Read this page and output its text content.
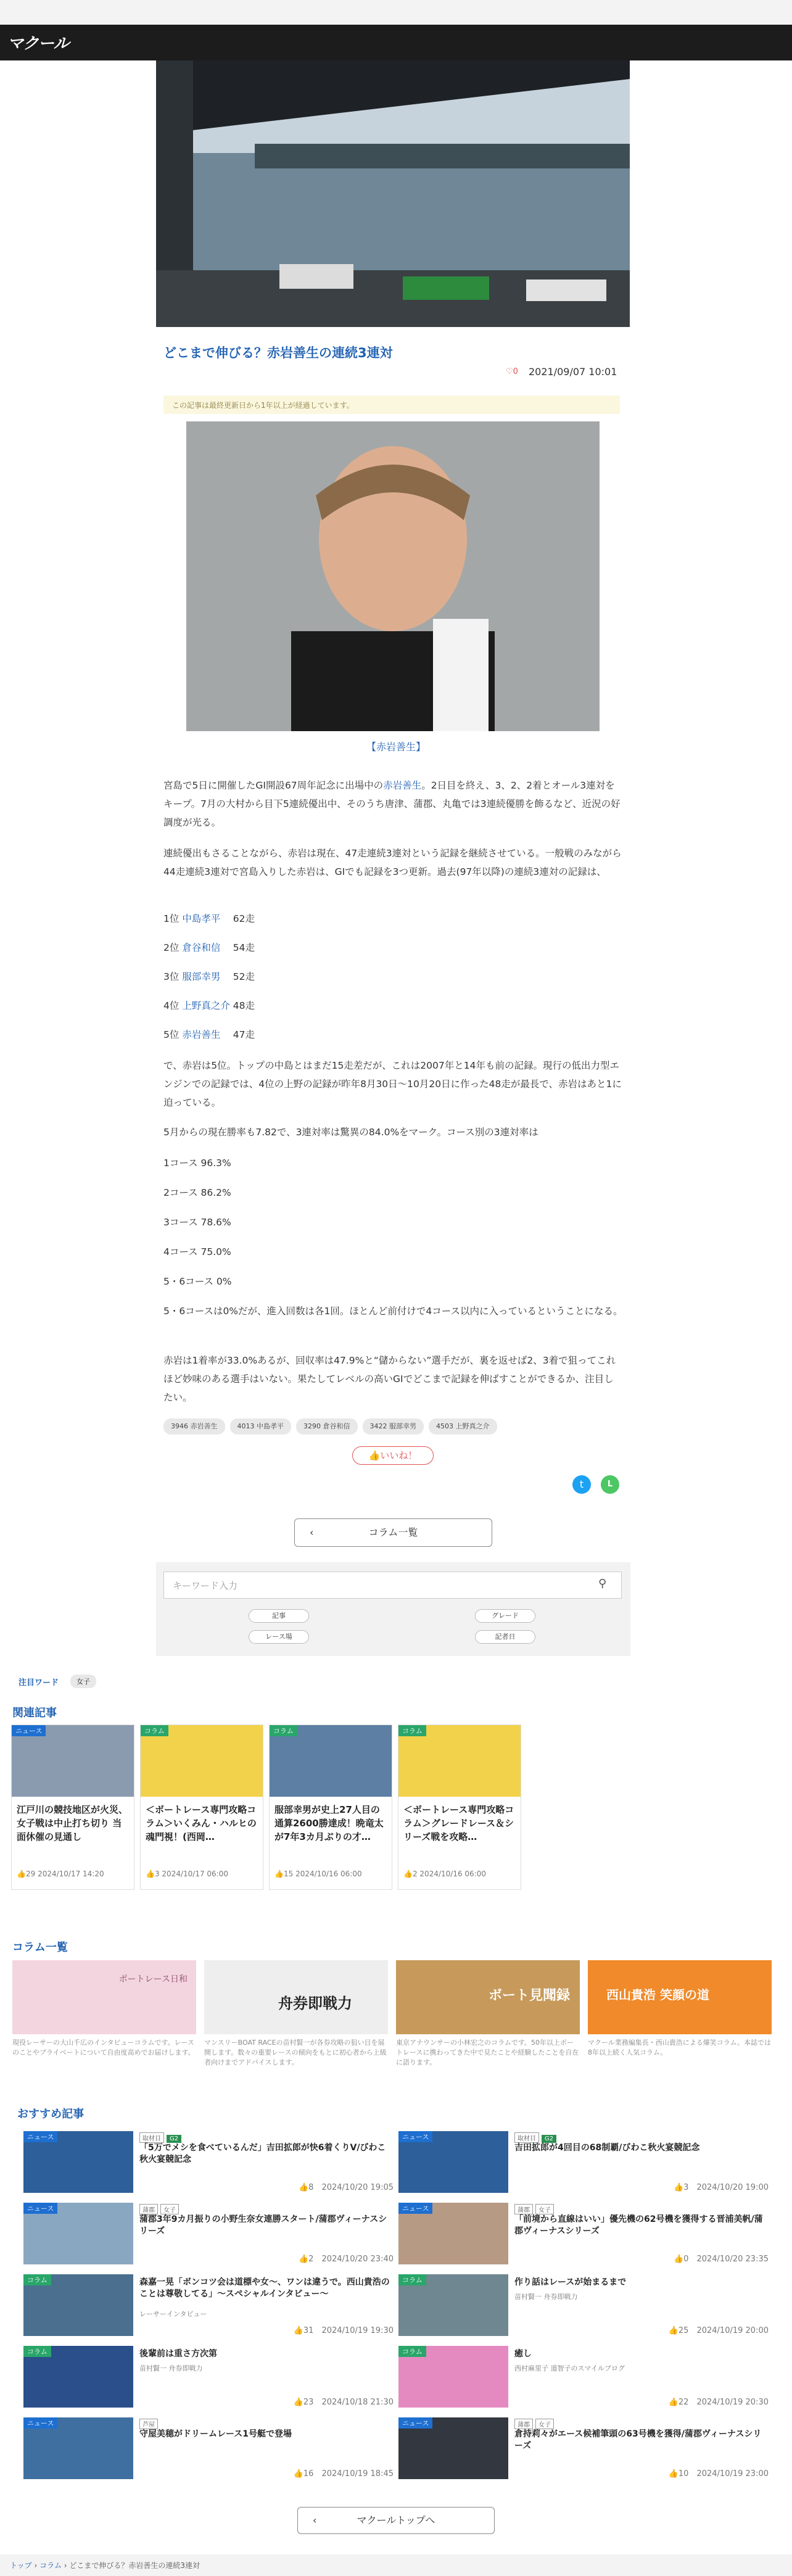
マクール
どこまで伸びる？赤岩善生の連続3連対
♡0 2021/09/07 10:01
この記事は最終更新日から1年以上が経過しています。
【赤岩善生】
宮島で5日に開催したGI開設67周年記念に出場中の赤岩善生。2日目を終え、3、2、2着とオール3連対をキープ。7月の大村から目下5連続優出中、そのうち唐津、蒲郡、丸亀では3連続優勝を飾るなど、近況の好調度が光る。
連続優出もさることながら、赤岩は現在、47走連続3連対という記録を継続させている。一般戦のみながら44走連続3連対で宮島入りした赤岩は、GIでも記録を3つ更新。過去(97年以降)の連続3連対の記録は、
1位 中島孝平 　 62走
2位 倉谷和信 　 54走
3位 服部幸男 　 52走
4位 上野真之介 48走
5位 赤岩善生 　 47走
で、赤岩は5位。トップの中島とはまだ15走差だが、これは2007年と14年も前の記録。現行の低出力型エンジンでの記録では、4位の上野の記録が昨年8月30日〜10月20日に作った48走が最長で、赤岩はあと1に迫っている。
5月からの現在勝率も7.82で、3連対率は驚異の84.0%をマーク。コース別の3連対率は
1コース 96.3%
2コース 86.2%
3コース 78.6%
4コース 75.0%
5・6コース 0%
5・6コースは0%だが、進入回数は各1回。ほとんど前付けで4コース以内に入っているということになる。
赤岩は1着率が33.0%あるが、回収率は47.9%と“儲からない”選手だが、裏を返せば2、3着で狙ってこれほど妙味のある選手はいない。果たしてレベルの高いGIでどこまで記録を伸ばすことができるか、注目したい。
3946 赤岩善生	4013 中島孝平	3290 倉谷和信	3422 服部幸男	4503 上野真之介
👍いいね！
t	L
‹	コラム一覧
キーワード入力	⚲
記事	グレード
レース場	記者日
注目ワード	女子
関連記事
ニュース
江戸川の競技地区が火災、女子戦は中止打ち切り 当面休催の見通し
👍29 2024/10/17 14:20
コラム
＜ボートレース専門攻略コラム＞いくみん・ハルヒの魂門視！(西岡…
👍3 2024/10/17 06:00
コラム
服部幸男が史上27人目の通算2600勝達成！晩竜太が7年3カ月ぶりの才…
👍15 2024/10/16 06:00
コラム
＜ボートレース専門攻略コラム＞グレードレース＆シリーズ戦を攻略…
👍2 2024/10/16 06:00
コラム一覧
ポートレース日和
現役レーサーの大山千広のインタビューコラムです。レースのことやプライベートについて自由度高めでお届けします。
舟券即戦力
マンスリーBOAT RACEの苗村賢一が各券攻略の狙い目を展開します。数々の重要レースの傾向をもとに初心者から上級者向けまでアドバイスします。
ボート見聞録
東京アナウンサーの小林宏之のコラムです。50年以上ボートレースに携わってきた中で見たことや経験したことを自在に語ります。
西山貴浩 笑顔の道
マクール業務編集長・西山貴浩による爆笑コラム。本誌では8年以上続く人気コラム。
おすすめ記事
ニュース	取材目 G2
「5万でメシを食べているんだ」吉田拡郎が快6着くりV/びわこ秋火宴競記念
👍8　 2024/10/20 19:05
ニュース	取材目 G2
吉田拡郎が4回目の68制覇/びわこ秋火宴競記念
👍3　 2024/10/20 19:00
ニュース	蒲郡 女子
蒲郡3年9カ月振りの小野生奈女連勝スタート/蒲郡ヴィーナスシリーズ
👍2　 2024/10/20 23:40
ニュース	蒲郡 女子
「前境から直線はいい」優先機の62号機を獲得する晋浦美帆/蒲郡ヴィーナスシリーズ
👍0　 2024/10/20 23:35
コラム	森嘉一晃「ボンコツ会は道標や女〜、ワンは違うで。西山貴浩のことは尊敬してる」〜スペシャルインタビュー〜
レーサーインタビュー
👍31　 2024/10/19 19:30
コラム	作り話はレースが始まるまで
苗村賢一 舟券即戦力
👍25　 2024/10/19 20:00
コラム	後輩前は重さ方次第
苗村賢一 舟券即戦力
👍23　 2024/10/18 21:30
コラム	癒し
西村麻里子 道智子のスマイルブログ
👍22　 2024/10/19 20:30
ニュース	芦屋
守屋美穂がドリームレース1号艇で登場
👍16　 2024/10/19 18:45
ニュース	蒲郡 女子
倉持莉々がエース候補筆頭の63号機を獲得/蒲郡ヴィーナスシリーズ
👍10　 2024/10/19 23:00
‹	マクールトップへ
トップ › コラム › どこまで伸びる？赤岩善生の連続3連対
